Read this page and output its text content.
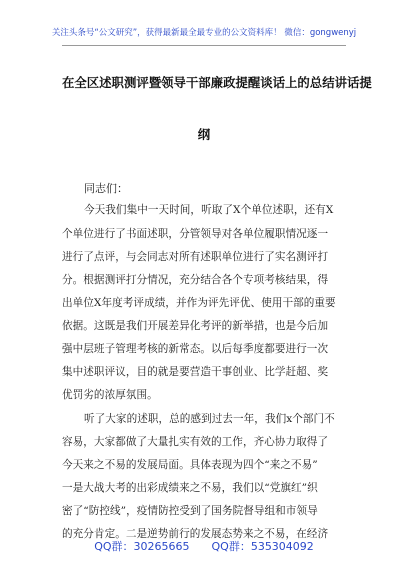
关注头条号“公文研究”，获得最新最全最专业的公文资料库！ 微信：gongwenyj
在全区述职测评暨领导干部廉政提醒谈话上的总结讲话提
纲
同志们：
今天我们集中一天时间，听取了X个单位述职，还有X
个单位进行了书面述职，分管领导对各单位履职情况逐一
进行了点评，与会同志对所有述职单位进行了实名测评打
分。根据测评打分情况，充分结合各个专项考核结果，得
出单位X年度考评成绩，并作为评先评优、使用干部的重要
依据。这既是我们开展差异化考评的新举措，也是今后加
强中层班子管理考核的新常态。以后每季度都要进行一次
集中述职评议，目的就是要营造干事创业、比学赶超、奖
优罚劣的浓厚氛围。
听了大家的述职，总的感到过去一年，我们x个部门不
容易，大家都做了大量扎实有效的工作，齐心协力取得了
今天来之不易的发展局面。具体表现为四个“来之不易”
一是大战大考的出彩成绩来之不易，我们以“党旗红”织
密了“防控线”，疫情防控受到了国务院督导组和市领导
的充分肯定。二是逆势前行的发展态势来之不易，在经济
QQ群：30265665 QQ群：535304092
